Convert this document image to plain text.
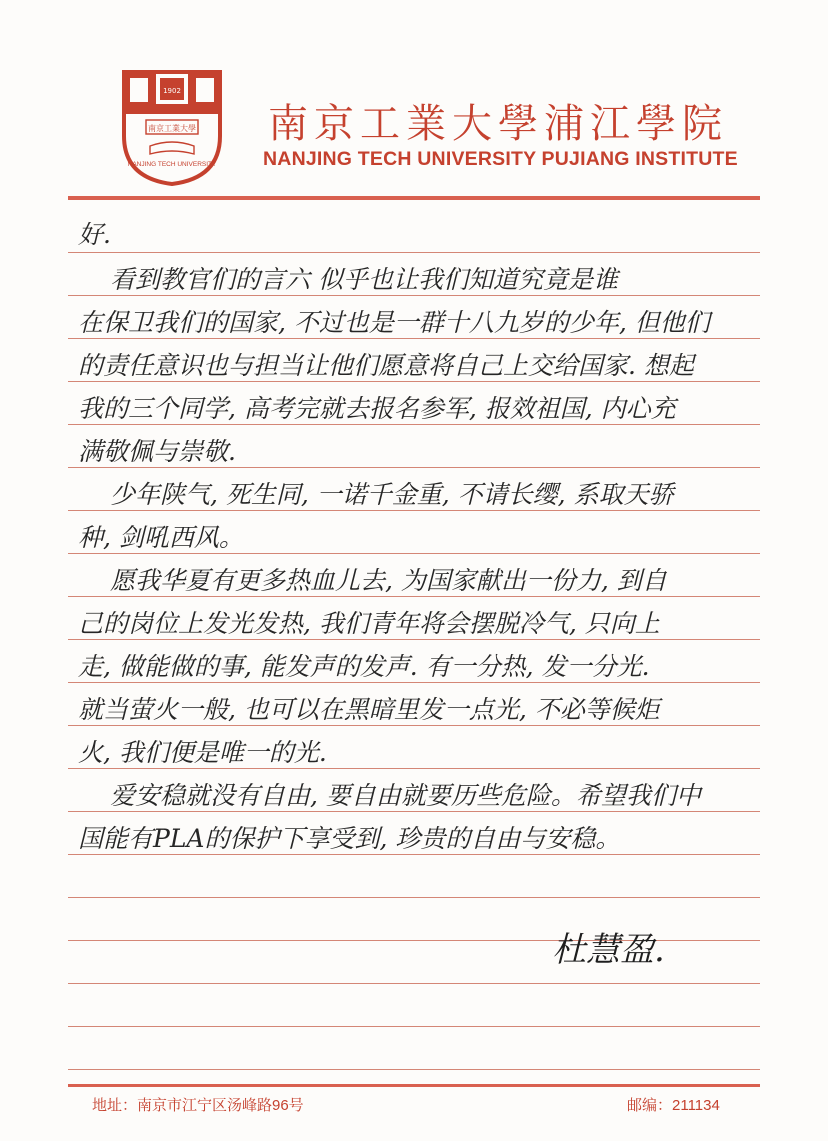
1902
南京工業大學
NANJING TECH UNIVERSITY
南京工業大學浦江學院
NANJING TECH UNIVERSITY PUJIANG INSTITUTE
好.
看到教官们的言六 似乎也让我们知道究竟是谁
在保卫我们的国家, 不过也是一群十八九岁的少年, 但他们
的责任意识也与担当让他们愿意将自己上交给国家. 想起
我的三个同学, 高考完就去报名参军, 报效祖国, 内心充
满敬佩与崇敬.
少年陕气, 死生同, 一诺千金重, 不请长缨, 系取天骄
种, 剑吼西风。
愿我华夏有更多热血儿去, 为国家献出一份力, 到自
己的岗位上发光发热, 我们青年将会摆脱冷气, 只向上
走, 做能做的事, 能发声的发声. 有一分热, 发一分光.
就当萤火一般, 也可以在黑暗里发一点光, 不必等候炬
火, 我们便是唯一的光.
爱安稳就没有自由, 要自由就要历些危险。希望我们中
国能有PLA的保护下享受到, 珍贵的自由与安稳。
杜慧盈.
地址：南京市江宁区汤峰路96号	邮编：211134
